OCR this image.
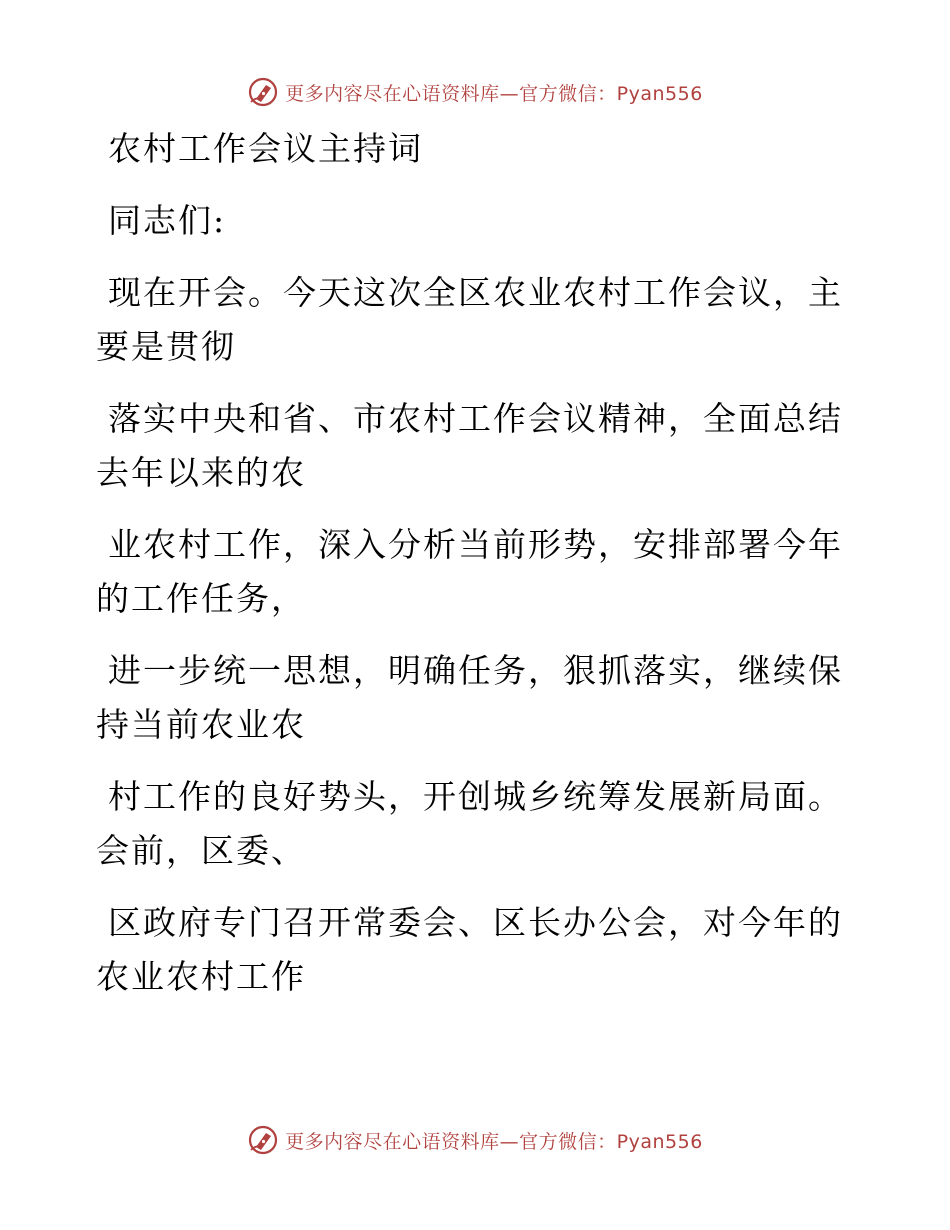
更多内容尽在心语资料库—官方微信：Pyan556
农村工作会议主持词
同志们:
现在开会。今天这次全区农业农村工作会议，主
要是贯彻
落实中央和省、市农村工作会议精神，全面总结
去年以来的农
业农村工作，深入分析当前形势，安排部署今年
的工作任务，
进一步统一思想，明确任务，狠抓落实，继续保
持当前农业农
村工作的良好势头，开创城乡统筹发展新局面。
会前，区委、
区政府专门召开常委会、区长办公会，对今年的
农业农村工作
更多内容尽在心语资料库—官方微信：Pyan556
